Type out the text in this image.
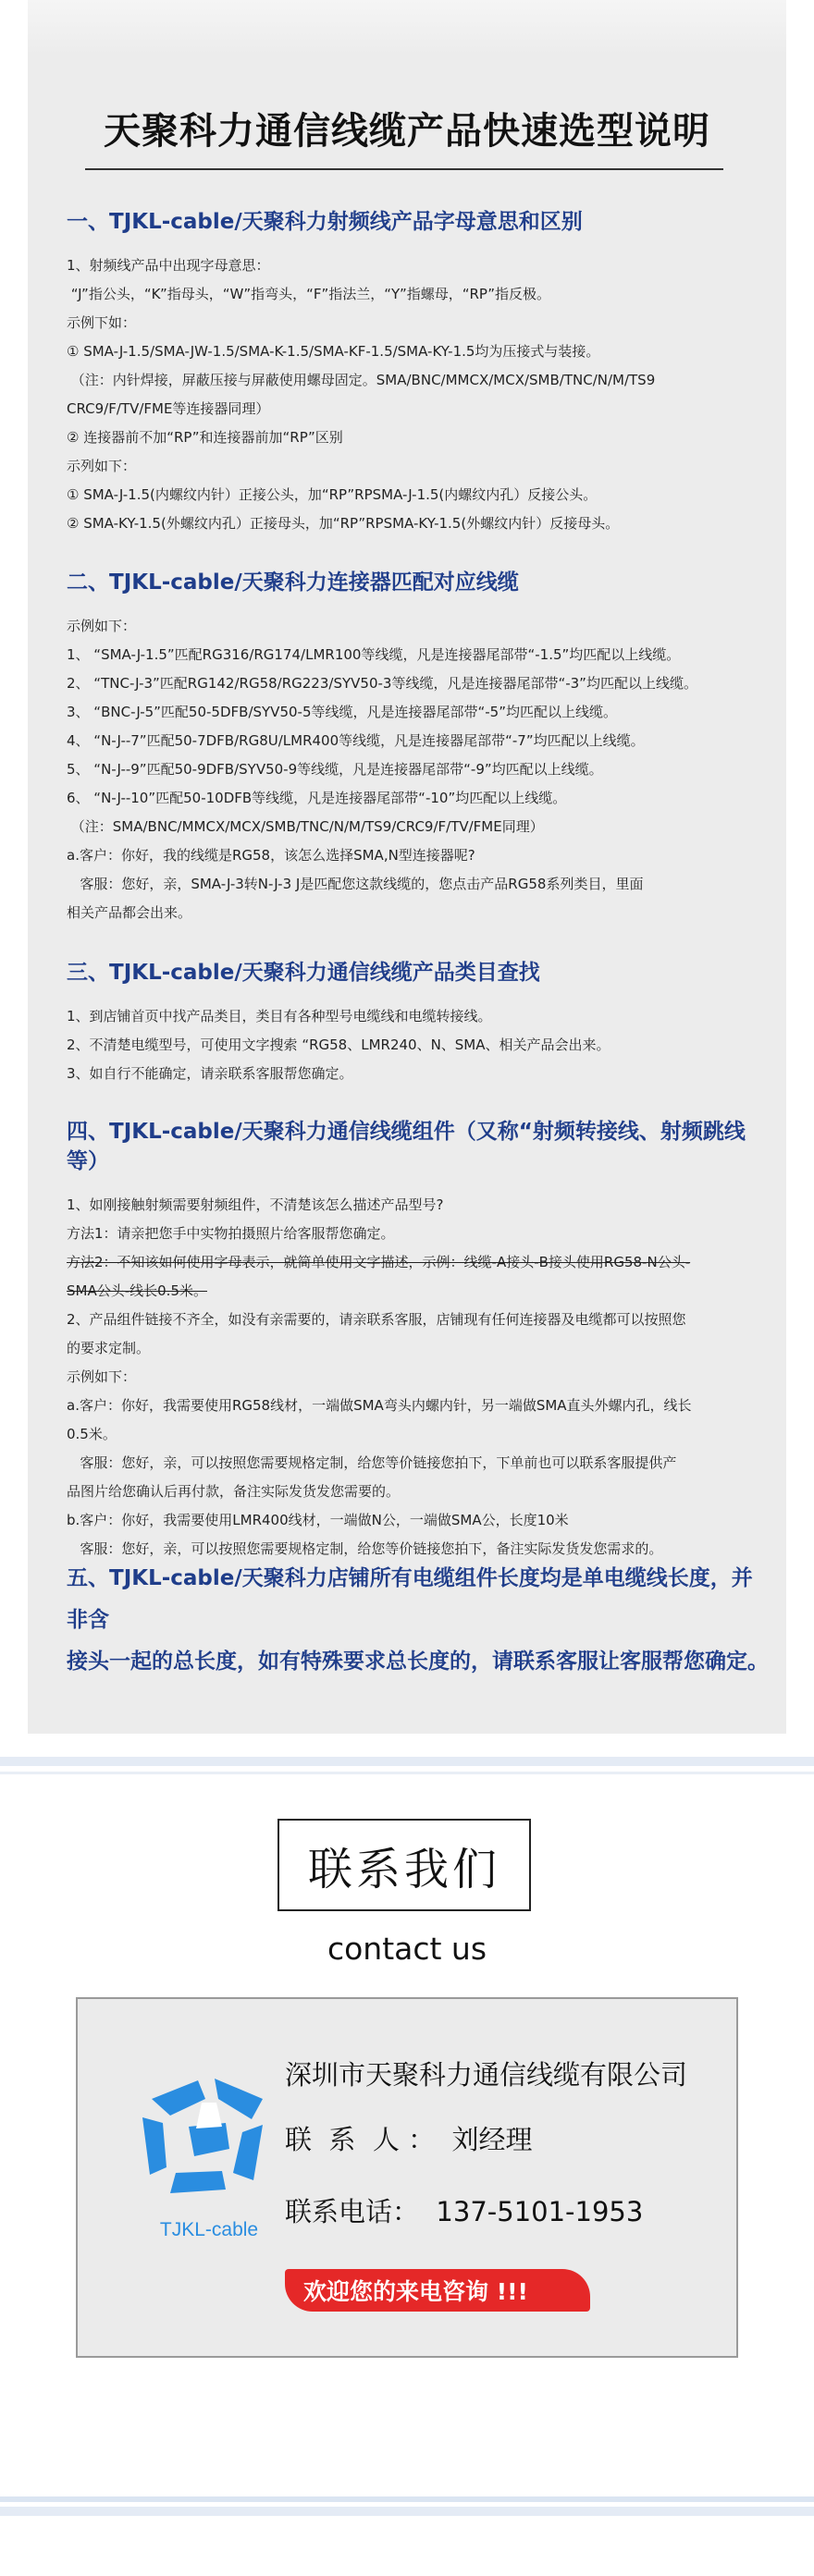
天聚科力通信线缆产品快速选型说明
一、TJKL-cable/天聚科力射频线产品字母意思和区别
1、射频线产品中出现字母意思：
“J”指公头，“K”指母头，“W”指弯头，“F”指法兰，“Y”指螺母，“RP”指反极。
示例下如：
① SMA-J-1.5/SMA-JW-1.5/SMA-K-1.5/SMA-KF-1.5/SMA-KY-1.5均为压接式与装接。
（注：内针焊接，屏蔽压接与屏蔽使用螺母固定。SMA/BNC/MMCX/MCX/SMB/TNC/N/M/TS9
CRC9/F/TV/FME等连接器同理）
② 连接器前不加“RP”和连接器前加“RP”区别
示列如下：
① SMA-J-1.5(内螺纹内针）正接公头，加“RP”RPSMA-J-1.5(内螺纹内孔）反接公头。
② SMA-KY-1.5(外螺纹内孔）正接母头，加“RP”RPSMA-KY-1.5(外螺纹内针）反接母头。
二、TJKL-cable/天聚科力连接器匹配对应线缆
示例如下：
1、 “SMA-J-1.5”匹配RG316/RG174/LMR100等线缆，凡是连接器尾部带“-1.5”均匹配以上线缆。
2、 “TNC-J-3”匹配RG142/RG58/RG223/SYV50-3等线缆，凡是连接器尾部带“-3”均匹配以上线缆。
3、 “BNC-J-5”匹配50-5DFB/SYV50-5等线缆，凡是连接器尾部带“-5”均匹配以上线缆。
4、 “N-J--7”匹配50-7DFB/RG8U/LMR400等线缆，凡是连接器尾部带“-7”均匹配以上线缆。
5、 “N-J--9”匹配50-9DFB/SYV50-9等线缆，凡是连接器尾部带“-9”均匹配以上线缆。
6、 “N-J--10”匹配50-10DFB等线缆，凡是连接器尾部带“-10”均匹配以上线缆。
（注：SMA/BNC/MMCX/MCX/SMB/TNC/N/M/TS9/CRC9/F/TV/FME同理）
a.客户：你好，我的线缆是RG58，该怎么选择SMA,N型连接器呢?
客服：您好，亲，SMA-J-3转N-J-3 J是匹配您这款线缆的，您点击产品RG58系列类目，里面
相关产品都会出来。
三、TJKL-cable/天聚科力通信线缆产品类目查找
1、到店铺首页中找产品类目，类目有各种型号电缆线和电缆转接线。
2、不清楚电缆型号，可使用文字搜索 “RG58、LMR240、N、SMA、相关产品会出来。
3、如自行不能确定，请亲联系客服帮您确定。
四、TJKL-cable/天聚科力通信线缆组件（又称“射频转接线、射频跳线等）
1、如刚接触射频需要射频组件，不清楚该怎么描述产品型号?
方法1：请亲把您手中实物拍摄照片给客服帮您确定。
方法2：不知该如何使用字母表示，就简单使用文字描述，示例：线缆-A接头-B接头使用RG58-N公头-
SMA公头-线长0.5米。
2、产品组件链接不齐全，如没有亲需要的，请亲联系客服，店铺现有任何连接器及电缆都可以按照您
的要求定制。
示例如下：
a.客户：你好，我需要使用RG58线材，一端做SMA弯头内螺内针，另一端做SMA直头外螺内孔，线长
0.5米。
客服：您好，亲，可以按照您需要规格定制，给您等价链接您拍下，下单前也可以联系客服提供产
品图片给您确认后再付款，备注实际发货发您需要的。
b.客户：你好，我需要使用LMR400线材，一端做N公，一端做SMA公，长度10米
客服：您好，亲，可以按照您需要规格定制，给您等价链接您拍下，备注实际发货发您需求的。
五、TJKL-cable/天聚科力店铺所有电缆组件长度均是单电缆线长度，并非含
接头一起的总长度，如有特殊要求总长度的，请联系客服让客服帮您确定。
联系我们
contact us
TJKL-cable
深圳市天聚科力通信线缆有限公司
联  系  人 ：  刘经理
联系电话：  137-5101-1953
欢迎您的来电咨询 !!!
